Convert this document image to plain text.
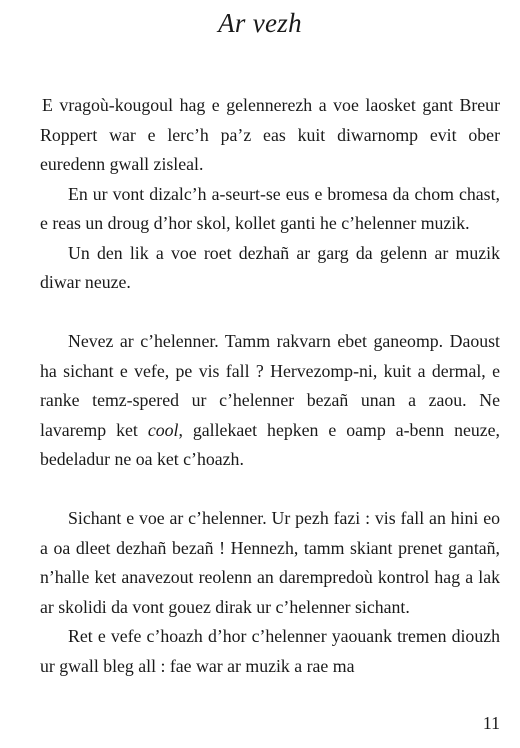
Ar vezh

E vragoù-kougoul hag e gelennerezh a voe laosket gant Breur Roppert war e lerc’h pa’z eas kuit diwarnomp evit ober euredenn gwall zisleal.

En ur vont dizalc’h a-seurt-se eus e bromesa da chom chast, e reas un droug d’hor skol, kollet ganti he c’helenner muzik.

Un den lik a voe roet dezhañ ar garg da gelenn ar muzik diwar neuze.

Nevez ar c’helenner. Tamm rakvarn ebet ganeomp. Daoust ha sichant e vefe, pe vis fall ? Hervezomp-ni, kuit a dermal, e ranke temz-spered ur c’helenner bezañ unan a zaou. Ne lavaremp ket cool, gallekaet hepken e oamp a-benn neuze, bedeladur ne oa ket c’hoazh.

Sichant e voe ar c’helenner. Ur pezh fazi : vis fall an hini eo a oa dleet dezhañ bezañ ! Hennezh, tamm skiant prenet gantañ, n’halle ket anavezout reolenn an darempredoù kontrol hag a lak ar skolidi da vont gouez dirak ur c’helenner sichant.

Ret e vefe c’hoazh d’hor c’helenner yaouank tremen diouzh ur gwall bleg all : fae war ar muzik a rae ma

11
